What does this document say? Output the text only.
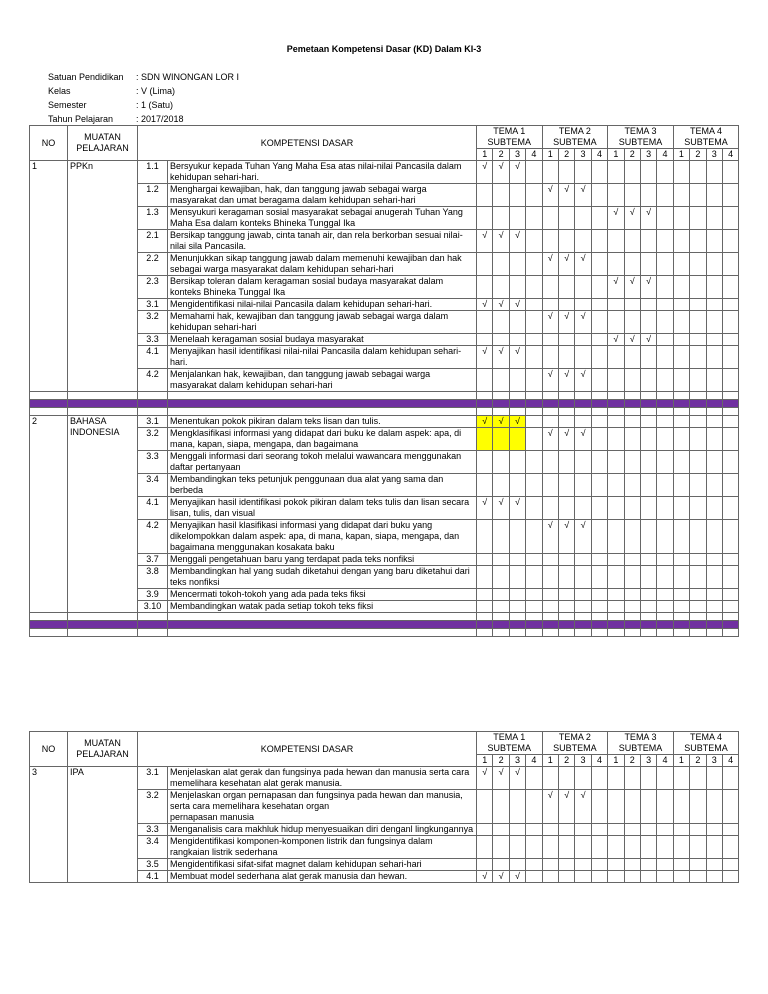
Pemetaan Kompetensi Dasar (KD) Dalam KI-3
Satuan Pendidikan	: SDN WINONGAN LOR I
Kelas	: V (Lima)
Semester	: 1 (Satu)
Tahun Pelajaran	: 2017/2018
NO	MUATAN PELAJARAN	KOMPETENSI DASAR		TEMA 1				TEMA 2				TEMA 3				TEMA 4			
				SUBTEMA				SUBTEMA				SUBTEMA				SUBTEMA			
				1	2	3	4	1	2	3	4	1	2	3	4	1	2	3	4
1	PPKn	1.1	Bersyukur kepada Tuhan Yang Maha Esa atas nilai-nilai Pancasila dalam kehidupan sehari-hari.	√	√	√													
		1.2	Menghargai kewajiban, hak, dan tanggung jawab sebagai warga masyarakat dan umat beragama dalam kehidupan sehari-hari					√	√	√									
		1.3	Mensyukuri keragaman sosial masyarakat sebagai anugerah Tuhan Yang Maha Esa dalam konteks Bhineka Tunggal Ika									√	√	√					
		2.1	Bersikap tanggung jawab, cinta tanah air, dan rela berkorban sesuai nilai-nilai sila Pancasila.	√	√	√													
		2.2	Menunjukkan sikap tanggung jawab dalam memenuhi kewajiban dan hak sebagai warga masyarakat dalam kehidupan sehari-hari					√	√	√									
		2.3	Bersikap toleran dalam keragaman sosial budaya masyarakat dalam konteks Bhineka Tunggal Ika									√	√	√					
		3.1	Mengidentifikasi nilai-nilai Pancasila dalam kehidupan sehari-hari.	√	√	√													
		3.2	Memahami hak, kewajiban dan tanggung jawab sebagai warga dalam kehidupan sehari-hari					√	√	√									
		3.3	Menelaah keragaman sosial budaya masyarakat									√	√	√					
		4.1	Menyajikan hasil identifikasi nilai-nilai Pancasila dalam kehidupan sehari-hari.	√	√	√													
		4.2	Menjalankan hak, kewajiban, dan tanggung jawab sebagai warga masyarakat dalam kehidupan sehari-hari					√	√	√									

2	BAHASA INDONESIA	3.1	Menentukan pokok pikiran dalam teks lisan dan tulis.	√	√	√													
		3.2	Mengklasifikasi informasi yang didapat dari buku ke dalam aspek: apa, di mana, kapan, siapa, mengapa, dan bagaimana					√	√	√									
		3.3	Menggali informasi dari seorang tokoh melalui wawancara menggunakan daftar pertanyaan																
		3.4	Membandingkan teks petunjuk penggunaan dua alat yang sama dan berbeda																
		4.1	Menyajikan hasil identifikasi pokok pikiran dalam teks tulis dan lisan secara lisan, tulis, dan visual	√	√	√													
		4.2	Menyajikan hasil klasifikasi informasi yang didapat dari buku yang dikelompokkan dalam aspek: apa, di mana, kapan, siapa, mengapa, dan bagaimana menggunakan kosakata baku					√	√	√									
		3.7	Menggali pengetahuan baru yang terdapat pada teks nonfiksi																
		3.8	Membandingkan hal yang sudah diketahui dengan yang baru diketahui dari teks nonfiksi																
		3.9	Mencermati tokoh-tokoh yang ada pada teks fiksi																
		3.10	Membandingkan watak pada setiap tokoh teks fiksi																

NO	MUATAN PELAJARAN	KOMPETENSI DASAR		TEMA 1				TEMA 2				TEMA 3				TEMA 4			
				SUBTEMA				SUBTEMA				SUBTEMA				SUBTEMA			
				1	2	3	4	1	2	3	4	1	2	3	4	1	2	3	4
3	IPA	3.1	Menjelaskan alat gerak dan fungsinya pada hewan dan manusia serta cara memelihara kesehatan alat gerak manusia.	√	√	√													
		3.2	Menjelaskan organ pernapasan dan fungsinya pada hewan dan manusia, serta cara memelihara kesehatan organ
pernapasan manusia					√	√	√									
		3.3	Menganalisis cara makhluk hidup menyesuaikan diri denganl lingkungannya																
		3.4	Mengidentifikasi komponen-komponen listrik dan fungsinya dalam rangkaian listrik sederhana																
		3.5	Mengidentifikasi sifat-sifat magnet dalam kehidupan sehari-hari																
		4.1	Membuat model sederhana alat gerak manusia dan hewan.	√	√	√													
